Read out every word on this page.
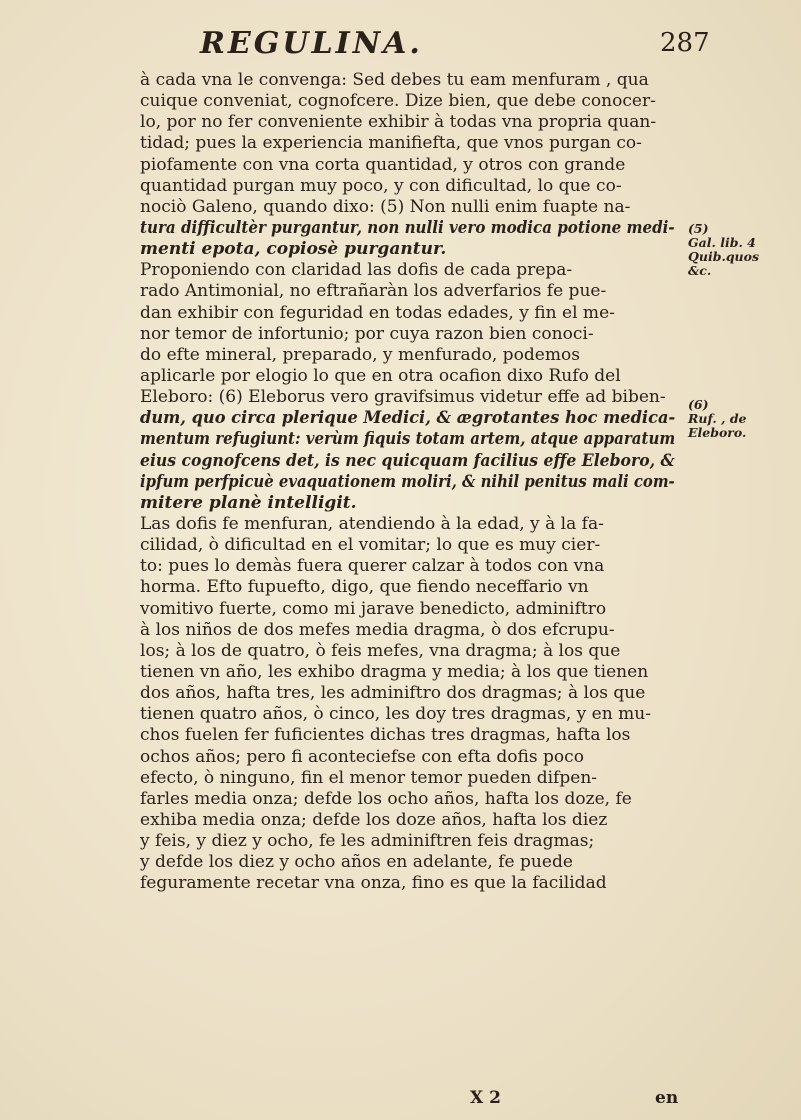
REGULINA.	287
à cada vna le convenga: Sed debes tu eam menfuram , qua
cuique conveniat, cognofcere. Dize bien, que debe conocer-
lo, por no fer conveniente exhibir à todas vna propria quan-
tidad; pues la experiencia manifiefta, que vnos purgan co-
piofamente con vna corta quantidad, y otros con grande
quantidad purgan muy poco, y con dificultad, lo que co-
nociò Galeno, quando dixo: (5) Non nulli enim fuapte na-
tura difficultèr purgantur, non nulli vero modica potione medi-
menti epota, copiosè purgantur.
Proponiendo con claridad las dofis de cada prepa-
rado Antimonial, no eftrañaràn los adverfarios fe pue-
dan exhibir con feguridad en todas edades, y fin el me-
nor temor de infortunio; por cuya razon bien conoci-
do efte mineral, preparado, y menfurado, podemos
aplicarle por elogio lo que en otra ocafion dixo Rufo del
Eleboro: (6) Eleborus vero gravifsimus videtur effe ad biben-
dum, quo circa plerique Medici, & ægrotantes hoc medica-
mentum refugiunt: verùm fiquis totam artem, atque apparatum
eius cognofcens det, is nec quicquam facilius effe Eleboro, &
ipfum perfpicuè evaquationem moliri, & nihil penitus mali com-
mitere planè intelligit.
Las dofis fe menfuran, atendiendo à la edad, y à la fa-
cilidad, ò dificultad en el vomitar; lo que es muy cier-
to: pues lo demàs fuera querer calzar à todos con vna
horma. Efto fupuefto, digo, que fiendo neceffario vn
vomitivo fuerte, como mi jarave benedicto, adminiftro
à los niños de dos mefes media dragma, ò dos efcrupu-
los; à los de quatro, ò feis mefes, vna dragma; à los que
tienen vn año, les exhibo dragma y media; à los que tienen
dos años, hafta tres, les adminiftro dos dragmas; à los que
tienen quatro años, ò cinco, les doy tres dragmas, y en mu-
chos fuelen fer fuficientes dichas tres dragmas, hafta los
ochos años; pero fi aconteciefse con efta dofis poco
efecto, ò ninguno, fin el menor temor pueden difpen-
farles media onza; defde los ocho años, hafta los doze, fe
exhiba media onza; defde los doze años, hafta los diez
y feis, y diez y ocho, fe les adminiftren feis dragmas;
y defde los diez y ocho años en adelante, fe puede
feguramente recetar vna onza, fino es que la facilidad
(5)
Gal. lib. 4
Quib.quos
&c.
(6)
Ruf. , de
Eleboro.
X 2	en
